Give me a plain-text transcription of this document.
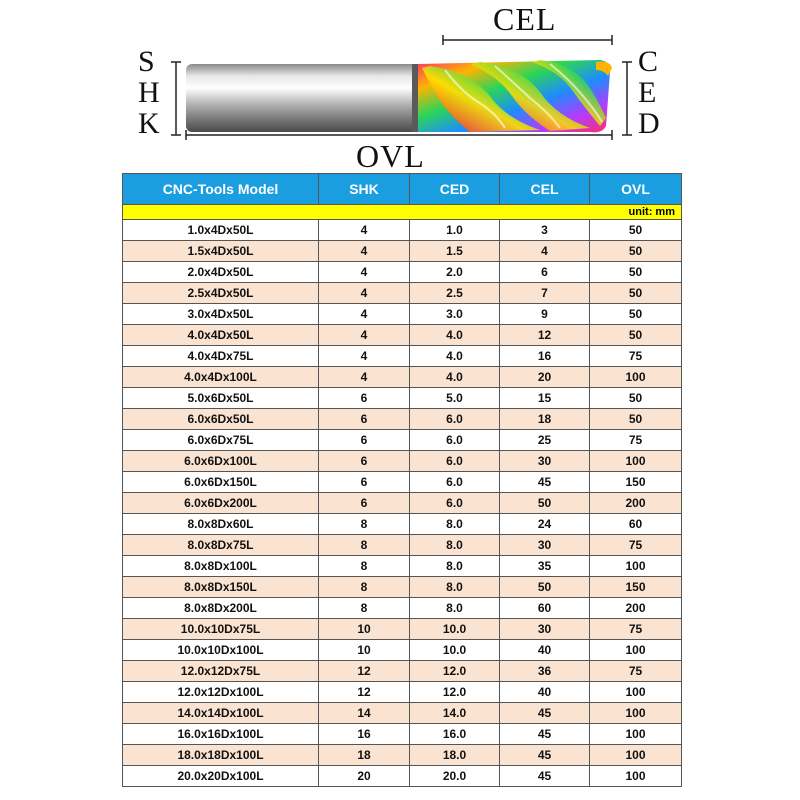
S
H
K
C
E
D
CEL
OVL
CNC-Tools Model	SHK	CED	CEL	OVL
unit: mm				
1.0x4Dx50L	4	1.0	3	50
1.5x4Dx50L	4	1.5	4	50
2.0x4Dx50L	4	2.0	6	50
2.5x4Dx50L	4	2.5	7	50
3.0x4Dx50L	4	3.0	9	50
4.0x4Dx50L	4	4.0	12	50
4.0x4Dx75L	4	4.0	16	75
4.0x4Dx100L	4	4.0	20	100
5.0x6Dx50L	6	5.0	15	50
6.0x6Dx50L	6	6.0	18	50
6.0x6Dx75L	6	6.0	25	75
6.0x6Dx100L	6	6.0	30	100
6.0x6Dx150L	6	6.0	45	150
6.0x6Dx200L	6	6.0	50	200
8.0x8Dx60L	8	8.0	24	60
8.0x8Dx75L	8	8.0	30	75
8.0x8Dx100L	8	8.0	35	100
8.0x8Dx150L	8	8.0	50	150
8.0x8Dx200L	8	8.0	60	200
10.0x10Dx75L	10	10.0	30	75
10.0x10Dx100L	10	10.0	40	100
12.0x12Dx75L	12	12.0	36	75
12.0x12Dx100L	12	12.0	40	100
14.0x14Dx100L	14	14.0	45	100
16.0x16Dx100L	16	16.0	45	100
18.0x18Dx100L	18	18.0	45	100
20.0x20Dx100L	20	20.0	45	100
